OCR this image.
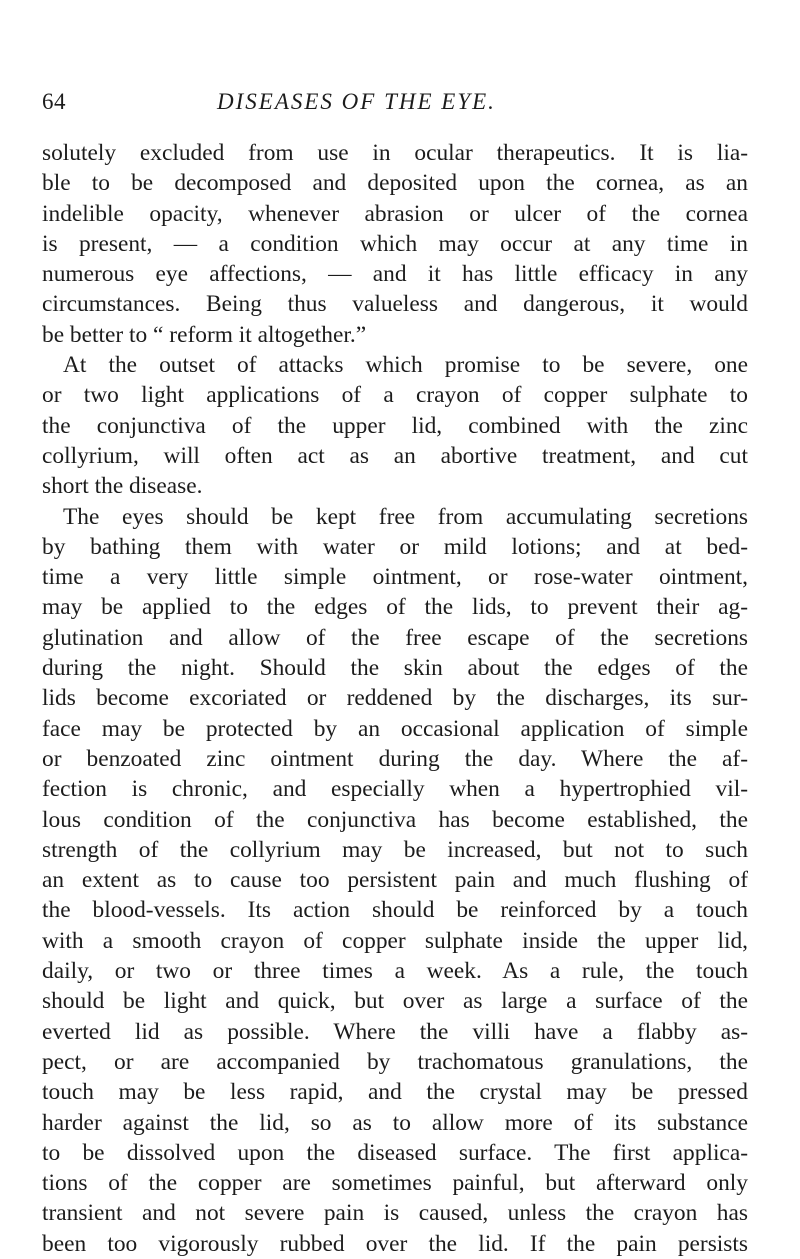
64	DISEASES OF THE EYE.
solutely excluded from use in ocular therapeutics. It is lia-
ble to be decomposed and deposited upon the cornea, as an
indelible opacity, whenever abrasion or ulcer of the cornea
is present, — a condition which may occur at any time in
numerous eye affections, — and it has little efficacy in any
circumstances. Being thus valueless and dangerous, it would
be better to “ reform it altogether.”
At the outset of attacks which promise to be severe, one
or two light applications of a crayon of copper sulphate to
the conjunctiva of the upper lid, combined with the zinc
collyrium, will often act as an abortive treatment, and cut
short the disease.
The eyes should be kept free from accumulating secretions
by bathing them with water or mild lotions; and at bed-
time a very little simple ointment, or rose-water ointment,
may be applied to the edges of the lids, to prevent their ag-
glutination and allow of the free escape of the secretions
during the night. Should the skin about the edges of the
lids become excoriated or reddened by the discharges, its sur-
face may be protected by an occasional application of simple
or benzoated zinc ointment during the day. Where the af-
fection is chronic, and especially when a hypertrophied vil-
lous condition of the conjunctiva has become established, the
strength of the collyrium may be increased, but not to such
an extent as to cause too persistent pain and much flushing of
the blood-vessels. Its action should be reinforced by a touch
with a smooth crayon of copper sulphate inside the upper lid,
daily, or two or three times a week. As a rule, the touch
should be light and quick, but over as large a surface of the
everted lid as possible. Where the villi have a flabby as-
pect, or are accompanied by trachomatous granulations, the
touch may be less rapid, and the crystal may be pressed
harder against the lid, so as to allow more of its substance
to be dissolved upon the diseased surface. The first applica-
tions of the copper are sometimes painful, but afterward only
transient and not severe pain is caused, unless the crayon has
been too vigorously rubbed over the lid. If the pain persists
